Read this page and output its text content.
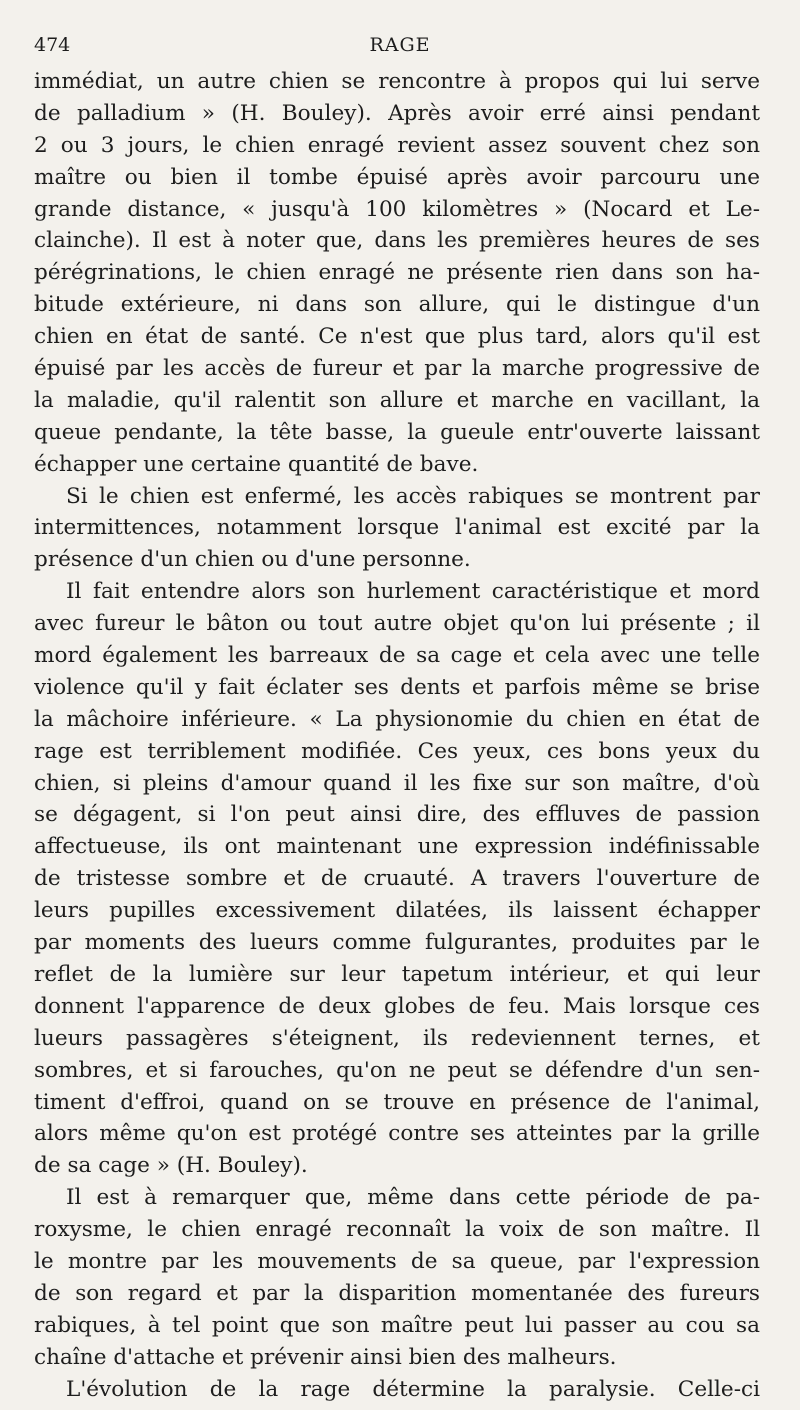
474	RAGE
immédiat, un autre chien se rencontre à propos qui lui serve
de palladium » (H. Bouley). Après avoir erré ainsi pendant
2 ou 3 jours, le chien enragé revient assez souvent chez son
maître ou bien il tombe épuisé après avoir parcouru une
grande distance, « jusqu'à 100 kilomètres » (Nocard et Le-
clainche). Il est à noter que, dans les premières heures de ses
pérégrinations, le chien enragé ne présente rien dans son ha-
bitude extérieure, ni dans son allure, qui le distingue d'un
chien en état de santé. Ce n'est que plus tard, alors qu'il est
épuisé par les accès de fureur et par la marche progressive de
la maladie, qu'il ralentit son allure et marche en vacillant, la
queue pendante, la tête basse, la gueule entr'ouverte laissant
échapper une certaine quantité de bave.
Si le chien est enfermé, les accès rabiques se montrent par
intermittences, notamment lorsque l'animal est excité par la
présence d'un chien ou d'une personne.
Il fait entendre alors son hurlement caractéristique et mord
avec fureur le bâton ou tout autre objet qu'on lui présente ; il
mord également les barreaux de sa cage et cela avec une telle
violence qu'il y fait éclater ses dents et parfois même se brise
la mâchoire inférieure. « La physionomie du chien en état de
rage est terriblement modifiée. Ces yeux, ces bons yeux du
chien, si pleins d'amour quand il les fixe sur son maître, d'où
se dégagent, si l'on peut ainsi dire, des effluves de passion
affectueuse, ils ont maintenant une expression indéfinissable
de tristesse sombre et de cruauté. A travers l'ouverture de
leurs pupilles excessivement dilatées, ils laissent échapper
par moments des lueurs comme fulgurantes, produites par le
reflet de la lumière sur leur tapetum intérieur, et qui leur
donnent l'apparence de deux globes de feu. Mais lorsque ces
lueurs passagères s'éteignent, ils redeviennent ternes, et
sombres, et si farouches, qu'on ne peut se défendre d'un sen-
timent d'effroi, quand on se trouve en présence de l'animal,
alors même qu'on est protégé contre ses atteintes par la grille
de sa cage » (H. Bouley).
Il est à remarquer que, même dans cette période de pa-
roxysme, le chien enragé reconnaît la voix de son maître. Il
le montre par les mouvements de sa queue, par l'expression
de son regard et par la disparition momentanée des fureurs
rabiques, à tel point que son maître peut lui passer au cou sa
chaîne d'attache et prévenir ainsi bien des malheurs.
L'évolution de la rage détermine la paralysie. Celle-ci
